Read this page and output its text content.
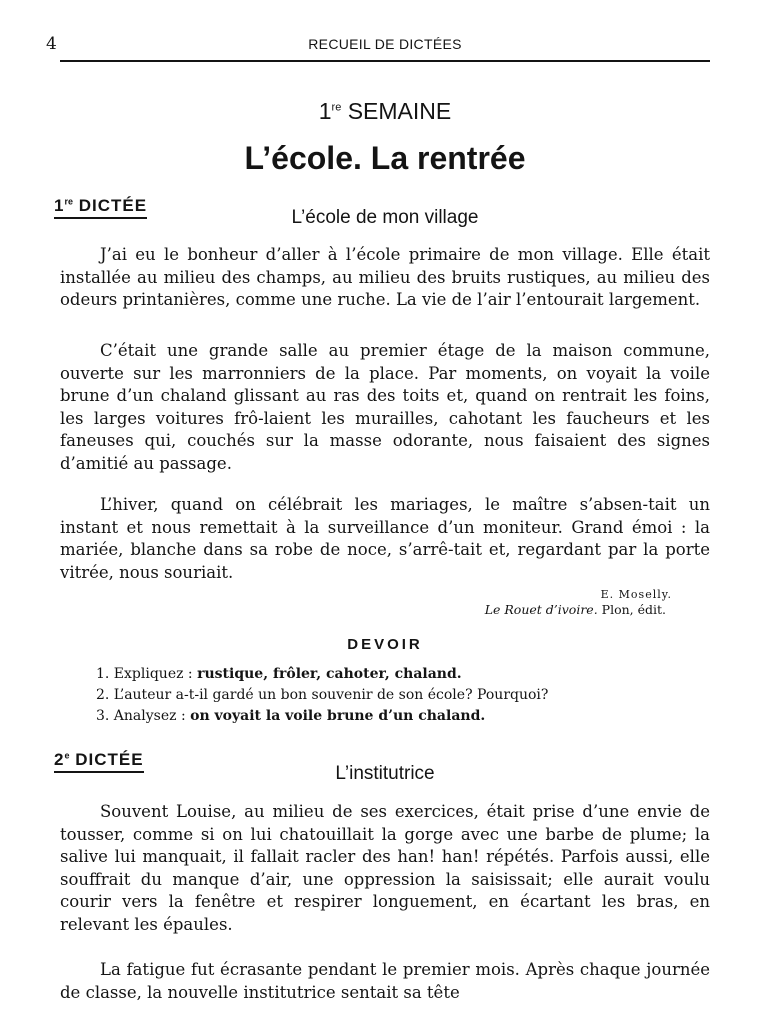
4	RECUEIL DE DICTÉES
1re SEMAINE
L’école. La rentrée
1re DICTÉE
L’école de mon village

J’ai eu le bonheur d’aller à l’école primaire de mon village. Elle était installée au milieu des champs, au milieu des bruits rustiques, au milieu des odeurs printanières, comme une ruche. La vie de l’air l’entourait largement.

C’était une grande salle au premier étage de la maison commune, ouverte sur les marronniers de la place. Par moments, on voyait la voile brune d’un chaland glissant au ras des toits et, quand on rentrait les foins, les larges voitures frô-laient les murailles, cahotant les faucheurs et les faneuses qui, couchés sur la masse odorante, nous faisaient des signes d’amitié au passage.

L’hiver, quand on célébrait les mariages, le maître s’absen-tait un instant et nous remettait à la surveillance d’un moniteur. Grand émoi : la mariée, blanche dans sa robe de noce, s’arrê-tait et, regardant par la porte vitrée, nous souriait.

E. Moselly.
Le Rouet d’ivoire. Plon, édit.
DEVOIR
1. Expliquez : rustique, frôler, cahoter, chaland.
2. L’auteur a-t-il gardé un bon souvenir de son école? Pourquoi?
3. Analysez : on voyait la voile brune d’un chaland.
2e DICTÉE
L’institutrice

Souvent Louise, au milieu de ses exercices, était prise d’une envie de tousser, comme si on lui chatouillait la gorge avec une barbe de plume; la salive lui manquait, il fallait racler des han! han! répétés. Parfois aussi, elle souffrait du manque d’air, une oppression la saisissait; elle aurait voulu courir vers la fenêtre et respirer longuement, en écartant les bras, en relevant les épaules.

La fatigue fut écrasante pendant le premier mois. Après chaque journée de classe, la nouvelle institutrice sentait sa tête
